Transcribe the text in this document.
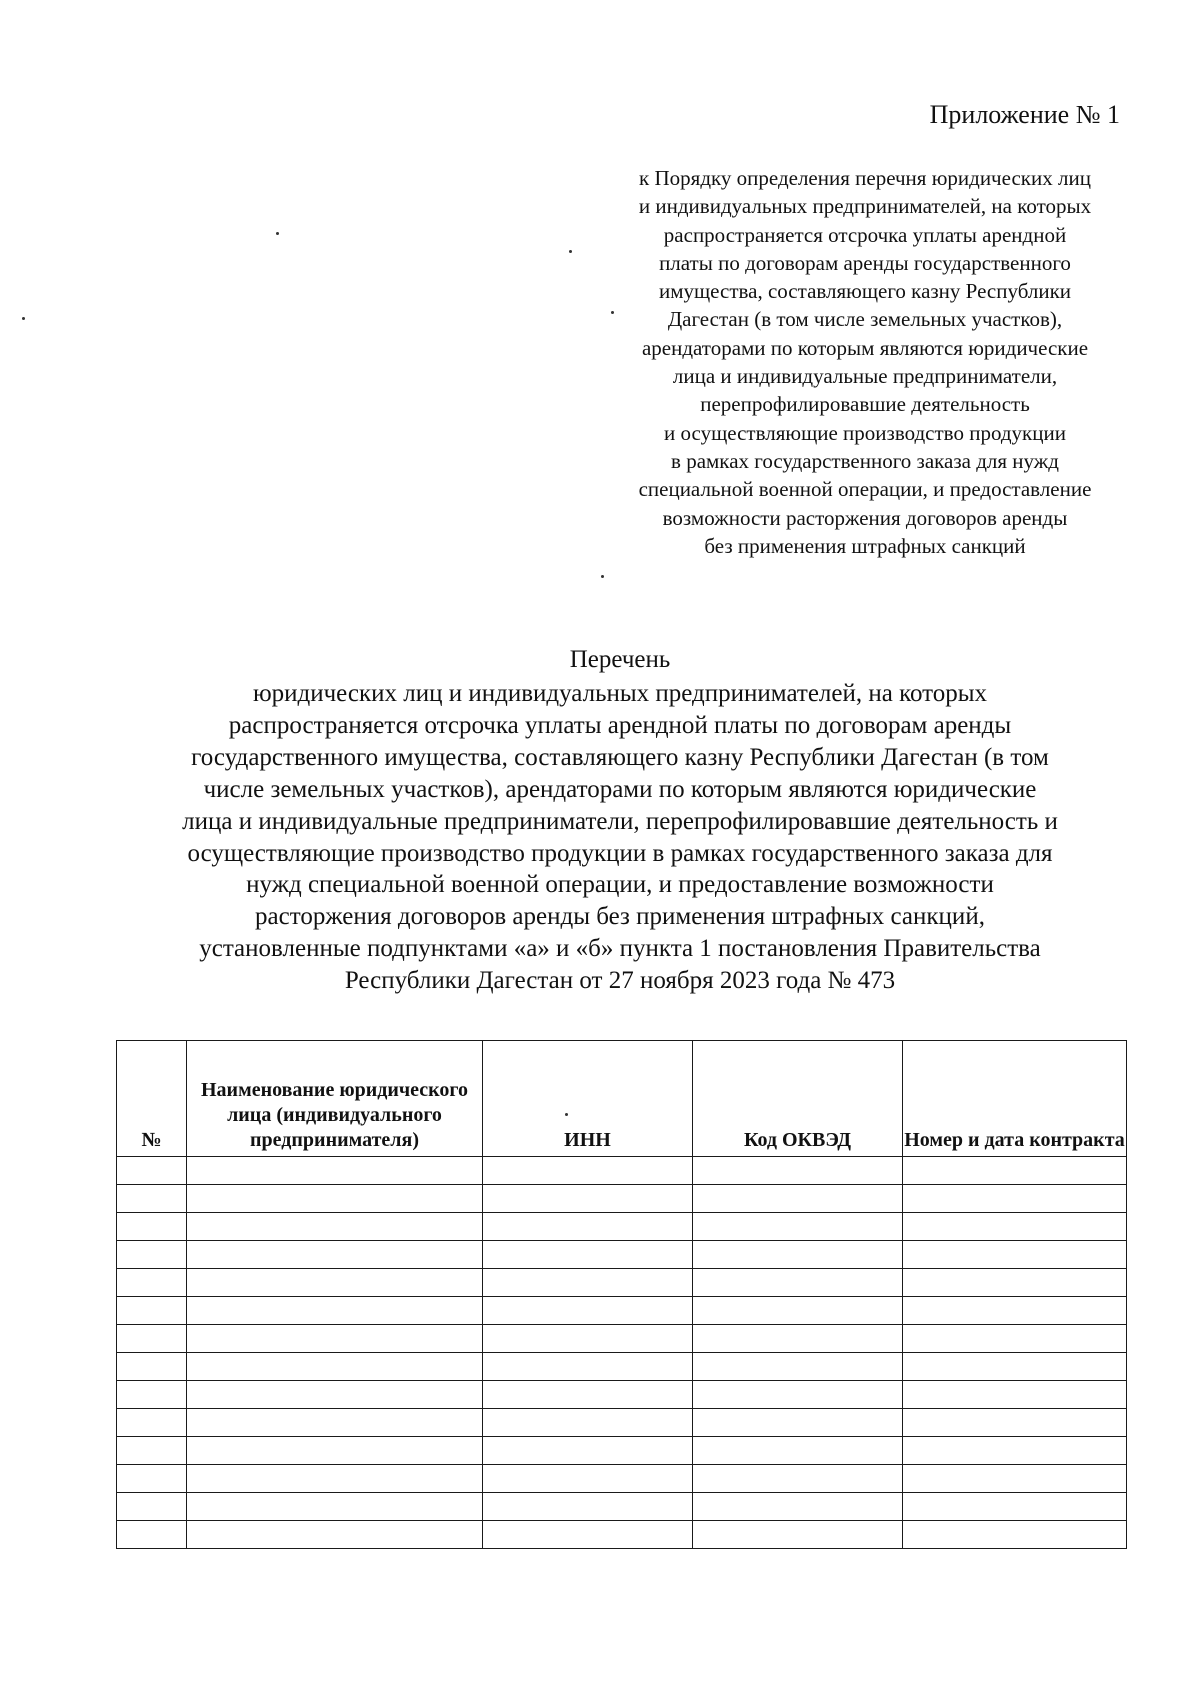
Приложение № 1
к Порядку определения перечня юридических лиц
и индивидуальных предпринимателей, на которых
распространяется отсрочка уплаты арендной
платы по договорам аренды государственного
имущества, составляющего казну Республики
Дагестан (в том числе земельных участков),
арендаторами по которым являются юридические
лица и индивидуальные предприниматели,
перепрофилировавшие деятельность
и осуществляющие производство продукции
в рамках государственного заказа для нужд
специальной военной операции, и предоставление
возможности расторжения договоров аренды
без применения штрафных санкций
Перечень
юридических лиц и индивидуальных предпринимателей, на которых
распространяется отсрочка уплаты арендной платы по договорам аренды
государственного имущества, составляющего казну Республики Дагестан (в том
числе земельных участков), арендаторами по которым являются юридические
лица и индивидуальные предприниматели, перепрофилировавшие деятельность и
осуществляющие производство продукции в рамках государственного заказа для
нужд специальной военной операции, и предоставление возможности
расторжения договоров аренды без применения штрафных санкций,
установленные подпунктами «а» и «б» пункта 1 постановления Правительства
Республики Дагестан от 27 ноября 2023 года № 473
№	Наименование юридического лица (индивидуального предпринимателя)	ИНН	Код ОКВЭД	Номер и дата контракта
